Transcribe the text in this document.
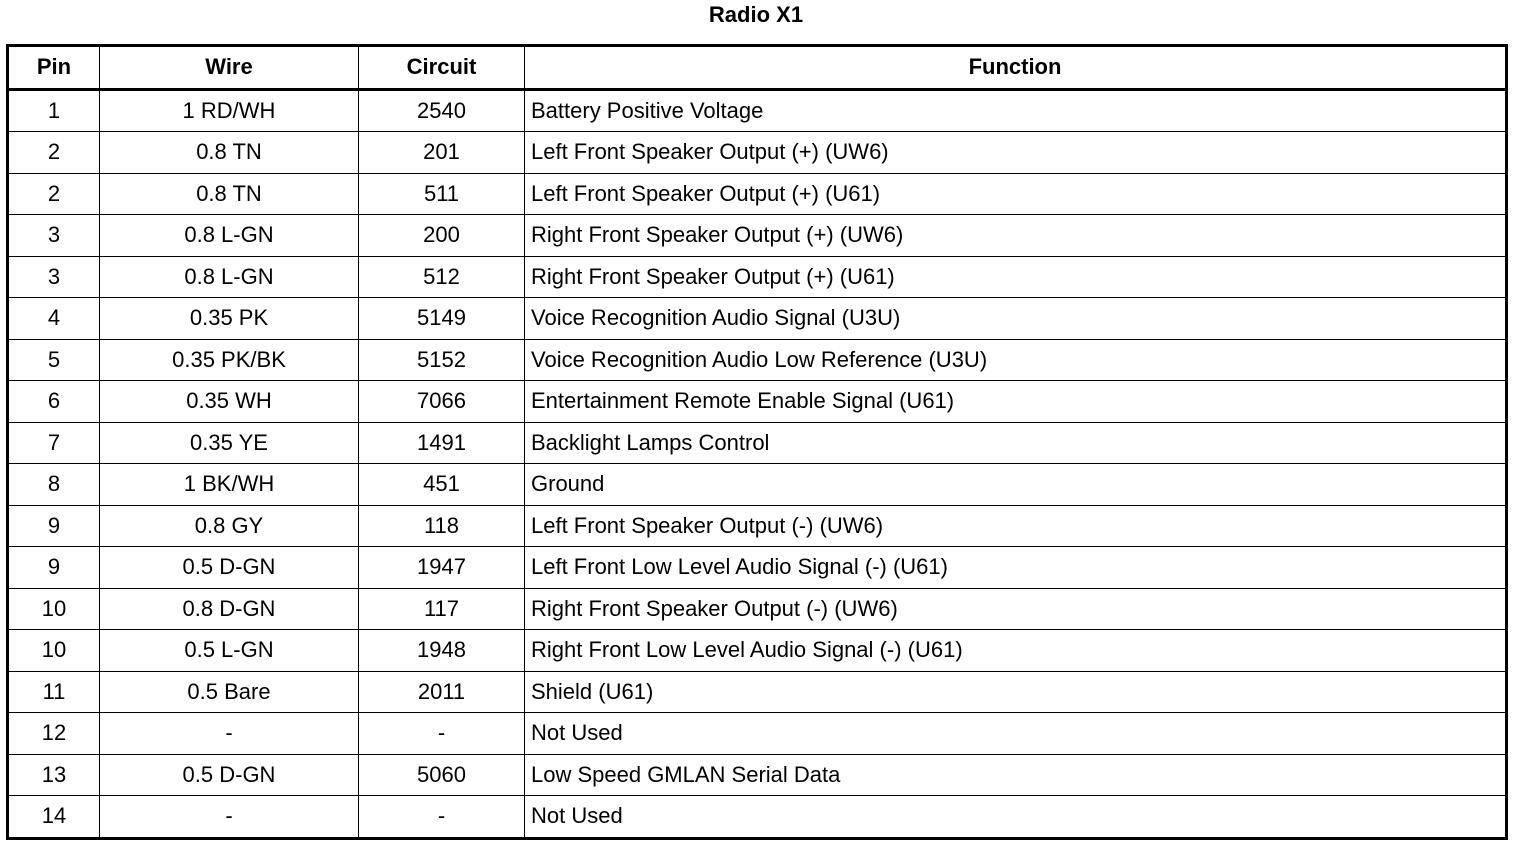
Radio X1
Pin	Wire	Circuit	Function
1	1 RD/WH	2540	Battery Positive Voltage
2	0.8 TN	201	Left Front Speaker Output (+) (UW6)
2	0.8 TN	511	Left Front Speaker Output (+) (U61)
3	0.8 L-GN	200	Right Front Speaker Output (+) (UW6)
3	0.8 L-GN	512	Right Front Speaker Output (+) (U61)
4	0.35 PK	5149	Voice Recognition Audio Signal (U3U)
5	0.35 PK/BK	5152	Voice Recognition Audio Low Reference (U3U)
6	0.35 WH	7066	Entertainment Remote Enable Signal (U61)
7	0.35 YE	1491	Backlight Lamps Control
8	1 BK/WH	451	Ground
9	0.8 GY	118	Left Front Speaker Output (-) (UW6)
9	0.5 D-GN	1947	Left Front Low Level Audio Signal (-) (U61)
10	0.8 D-GN	117	Right Front Speaker Output (-) (UW6)
10	0.5 L-GN	1948	Right Front Low Level Audio Signal (-) (U61)
11	0.5 Bare	2011	Shield (U61)
12	-	-	Not Used
13	0.5 D-GN	5060	Low Speed GMLAN Serial Data
14	-	-	Not Used
